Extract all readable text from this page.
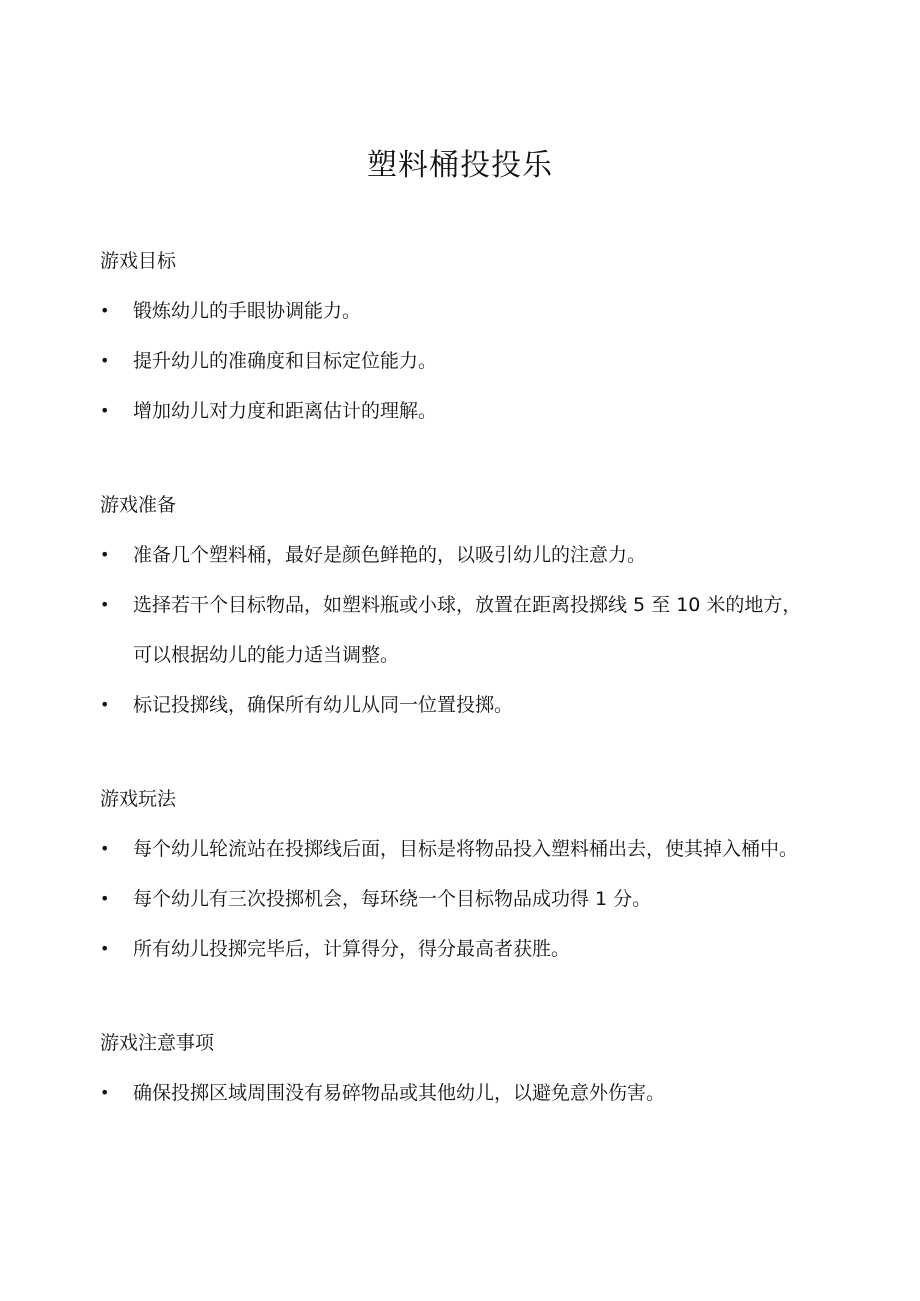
塑料桶投投乐
游戏目标
•	锻炼幼儿的手眼协调能力。
•	提升幼儿的准确度和目标定位能力。
•	增加幼儿对力度和距离估计的理解。
游戏准备
•	准备几个塑料桶，最好是颜色鲜艳的，以吸引幼儿的注意力。
•	选择若干个目标物品，如塑料瓶或小球，放置在距离投掷线 5 至 10 米的地方，可以根据幼儿的能力适当调整。
•	标记投掷线，确保所有幼儿从同一位置投掷。
游戏玩法
•	每个幼儿轮流站在投掷线后面，目标是将物品投入塑料桶出去，使其掉入桶中。
•	每个幼儿有三次投掷机会，每环绕一个目标物品成功得 1 分。
•	所有幼儿投掷完毕后，计算得分，得分最高者获胜。
游戏注意事项
•	确保投掷区域周围没有易碎物品或其他幼儿，以避免意外伤害。
